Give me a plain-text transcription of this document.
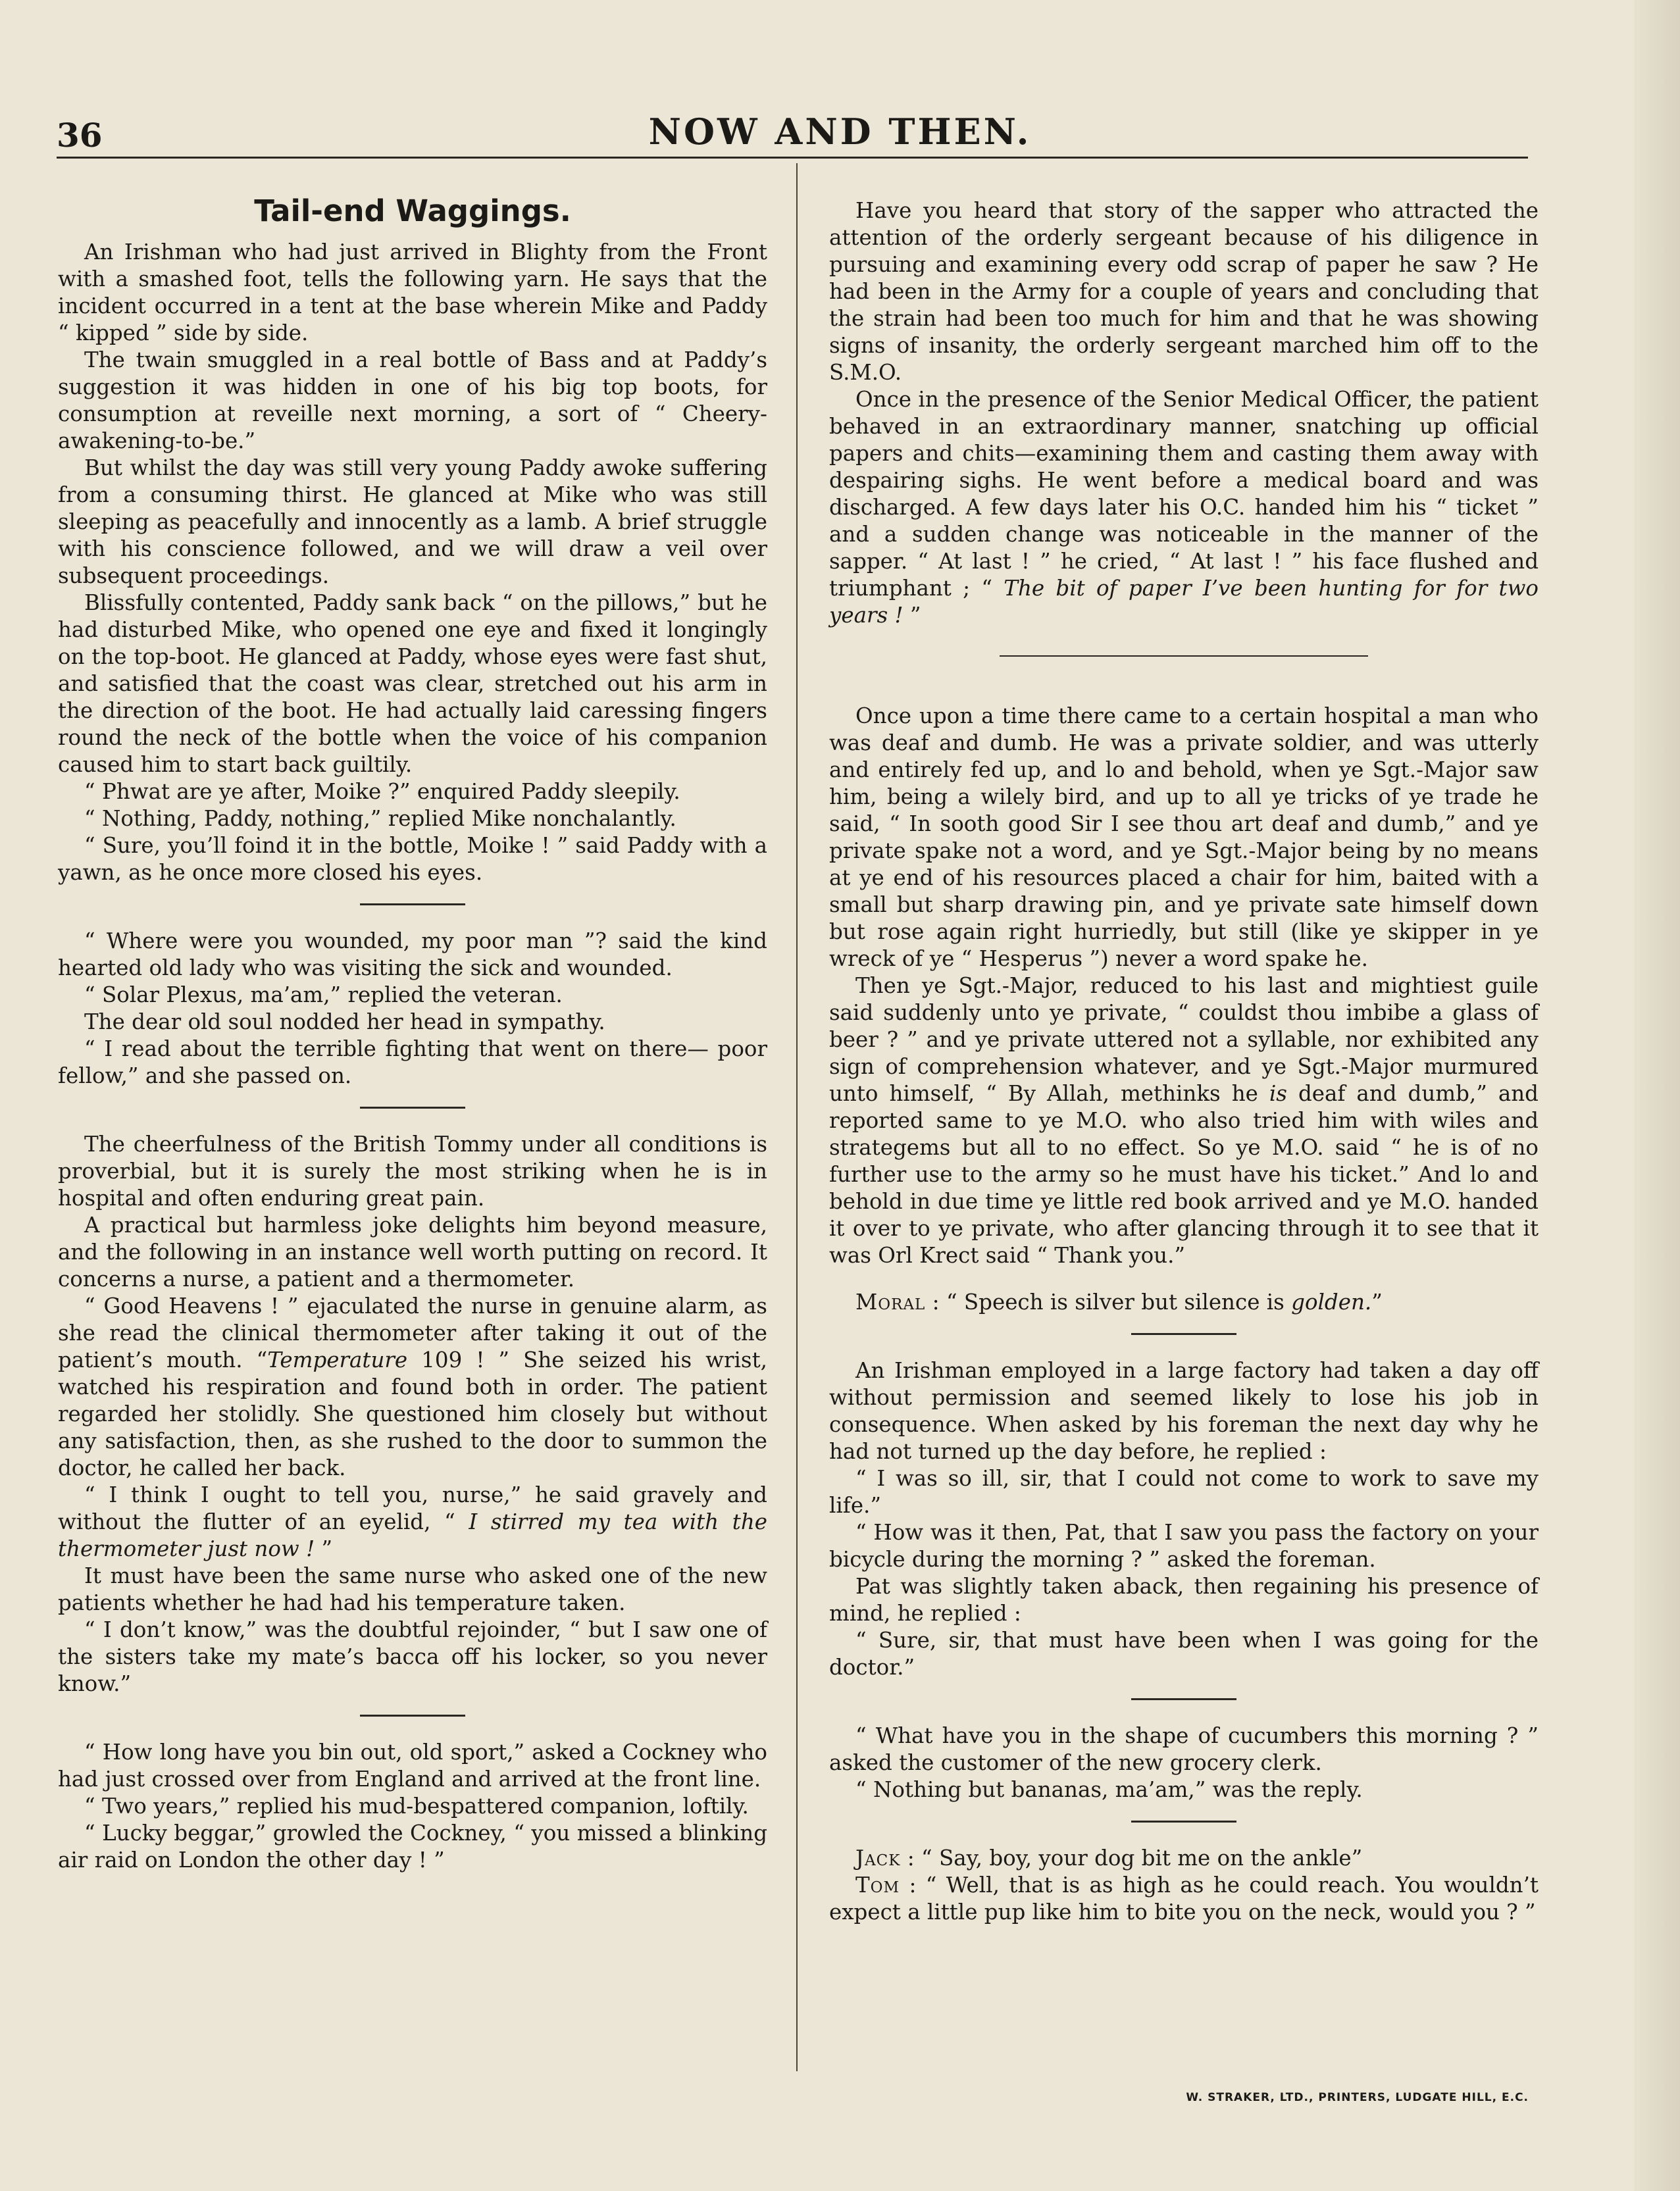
36	NOW AND THEN.
Tail-end Waggings.

An Irishman who had just arrived in Blighty from the Front with a smashed foot, tells the following yarn. He says that the incident occurred in a tent at the base wherein Mike and Paddy “ kipped ” side by side.

The twain smuggled in a real bottle of Bass and at Paddy’s suggestion it was hidden in one of his big top boots, for consumption at reveille next morning, a sort of “ Cheery-awakening-to-be.”

But whilst the day was still very young Paddy awoke suffering from a consuming thirst. He glanced at Mike who was still sleeping as peacefully and innocently as a lamb. A brief struggle with his conscience followed, and we will draw a veil over subsequent proceedings.

Blissfully contented, Paddy sank back “ on the pillows,” but he had disturbed Mike, who opened one eye and fixed it longingly on the top-boot. He glanced at Paddy, whose eyes were fast shut, and satisfied that the coast was clear, stretched out his arm in the direction of the boot. He had actually laid caressing fingers round the neck of the bottle when the voice of his companion caused him to start back guiltily.

“ Phwat are ye after, Moike ?” enquired Paddy sleepily.

“ Nothing, Paddy, nothing,” replied Mike nonchalantly.

“ Sure, you’ll foind it in the bottle, Moike ! ” said Paddy with a yawn, as he once more closed his eyes.

“ Where were you wounded, my poor man ”? said the kind hearted old lady who was visiting the sick and wounded.

“ Solar Plexus, ma’am,” replied the veteran.

The dear old soul nodded her head in sympathy.

“ I read about the terrible fighting that went on there— poor fellow,” and she passed on.

The cheerfulness of the British Tommy under all conditions is proverbial, but it is surely the most striking when he is in hospital and often enduring great pain.

A practical but harmless joke delights him beyond measure, and the following in an instance well worth putting on record. It concerns a nurse, a patient and a thermometer.

“ Good Heavens ! ” ejaculated the nurse in genuine alarm, as she read the clinical thermometer after taking it out of the patient’s mouth. “Temperature 109 ! ” She seized his wrist, watched his respiration and found both in order. The patient regarded her stolidly. She questioned him closely but without any satisfaction, then, as she rushed to the door to summon the doctor, he called her back.

“ I think I ought to tell you, nurse,” he said gravely and without the flutter of an eyelid, “ I stirred my tea with the thermometer just now ! ”

It must have been the same nurse who asked one of the new patients whether he had had his temperature taken.

“ I don’t know,” was the doubtful rejoinder, “ but I saw one of the sisters take my mate’s bacca off his locker, so you never know.”

“ How long have you bin out, old sport,” asked a Cockney who had just crossed over from England and arrived at the front line.

“ Two years,” replied his mud-bespattered companion, loftily.

“ Lucky beggar,” growled the Cockney, “ you missed a blinking air raid on London the other day ! ”

Have you heard that story of the sapper who attracted the attention of the orderly sergeant because of his diligence in pursuing and examining every odd scrap of paper he saw ? He had been in the Army for a couple of years and concluding that the strain had been too much for him and that he was showing signs of insanity, the orderly sergeant marched him off to the S.M.O.

Once in the presence of the Senior Medical Officer, the patient behaved in an extraordinary manner, snatching up official papers and chits—examining them and casting them away with despairing sighs. He went before a medical board and was discharged. A few days later his O.C. handed him his “ ticket ” and a sudden change was noticeable in the manner of the sapper. “ At last ! ” he cried, “ At last ! ” his face flushed and triumphant ; “ The bit of paper I’ve been hunting for for two years ! ”

Once upon a time there came to a certain hospital a man who was deaf and dumb. He was a private soldier, and was utterly and entirely fed up, and lo and behold, when ye Sgt.-Major saw him, being a wilely bird, and up to all ye tricks of ye trade he said, “ In sooth good Sir I see thou art deaf and dumb,” and ye private spake not a word, and ye Sgt.-Major being by no means at ye end of his resources placed a chair for him, baited with a small but sharp drawing pin, and ye private sate himself down but rose again right hurriedly, but still (like ye skipper in ye wreck of ye “ Hesperus ”) never a word spake he.

Then ye Sgt.-Major, reduced to his last and mightiest guile said suddenly unto ye private, “ couldst thou imbibe a glass of beer ? ” and ye private uttered not a syllable, nor exhibited any sign of comprehension whatever, and ye Sgt.-Major murmured unto himself, “ By Allah, methinks he is deaf and dumb,” and reported same to ye M.O. who also tried him with wiles and strategems but all to no effect. So ye M.O. said “ he is of no further use to the army so he must have his ticket.” And lo and behold in due time ye little red book arrived and ye M.O. handed it over to ye private, who after glancing through it to see that it was Orl Krect said “ Thank you.”

Moral : “ Speech is silver but silence is golden.”

An Irishman employed in a large factory had taken a day off without permission and seemed likely to lose his job in consequence. When asked by his foreman the next day why he had not turned up the day before, he replied :

“ I was so ill, sir, that I could not come to work to save my life.”

“ How was it then, Pat, that I saw you pass the factory on your bicycle during the morning ? ” asked the foreman.

Pat was slightly taken aback, then regaining his presence of mind, he replied :

“ Sure, sir, that must have been when I was going for the doctor.”

“ What have you in the shape of cucumbers this morning ? ” asked the customer of the new grocery clerk.

“ Nothing but bananas, ma’am,” was the reply.

Jack : “ Say, boy, your dog bit me on the ankle”

Tom : “ Well, that is as high as he could reach. You wouldn’t expect a little pup like him to bite you on the neck, would you ? ”

W. STRAKER, LTD., PRINTERS, LUDGATE HILL, E.C.
